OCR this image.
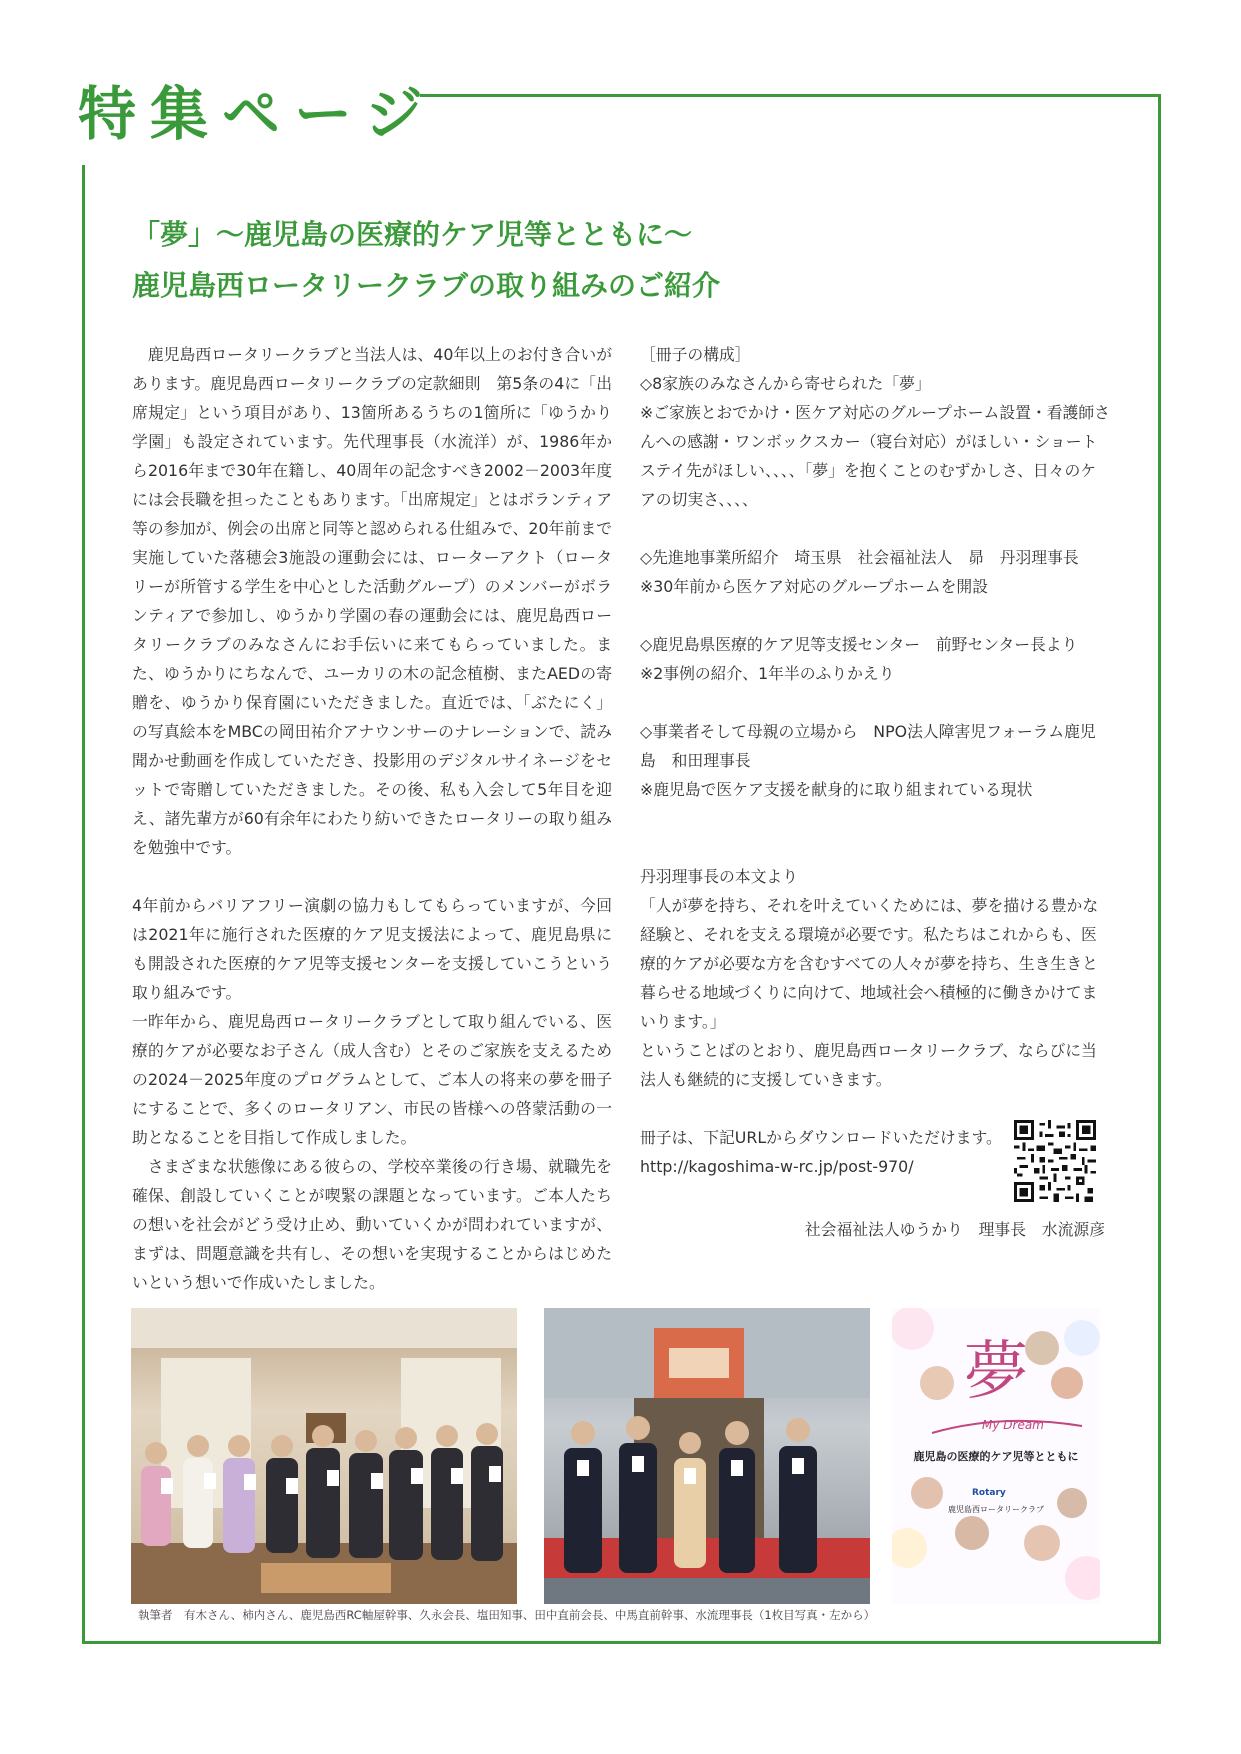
特集ページ
「夢」～鹿児島の医療的ケア児等とともに～
鹿児島西ロータリークラブの取り組みのご紹介

鹿児島西ロータリークラブと当法人は、40年以上のお付き合いがあります。鹿児島西ロータリークラブの定款細則　第5条の4に「出席規定」という項目があり、13箇所あるうちの1箇所に「ゆうかり学園」も設定されています。先代理事長（水流洋）が、1986年から2016年まで30年在籍し、40周年の記念すべき2002－2003年度には会長職を担ったこともあります。「出席規定」とはボランティア等の参加が、例会の出席と同等と認められる仕組みで、20年前まで実施していた落穂会3施設の運動会には、ローターアクト（ロータリーが所管する学生を中心とした活動グループ）のメンバーがボランティアで参加し、ゆうかり学園の春の運動会には、鹿児島西ロータリークラブのみなさんにお手伝いに来てもらっていました。また、ゆうかりにちなんで、ユーカリの木の記念植樹、またAEDの寄贈を、ゆうかり保育園にいただきました。直近では、「ぶたにく」の写真絵本をMBCの岡田祐介アナウンサーのナレーションで、読み聞かせ動画を作成していただき、投影用のデジタルサイネージをセットで寄贈していただきました。その後、私も入会して5年目を迎え、諸先輩方が60有余年にわたり紡いできたロータリーの取り組みを勉強中です。

4年前からバリアフリー演劇の協力もしてもらっていますが、今回は2021年に施行された医療的ケア児支援法によって、鹿児島県にも開設された医療的ケア児等支援センターを支援していこうという取り組みです。

一昨年から、鹿児島西ロータリークラブとして取り組んでいる、医療的ケアが必要なお子さん（成人含む）とそのご家族を支えるための2024－2025年度のプログラムとして、ご本人の将来の夢を冊子にすることで、多くのロータリアン、市民の皆様への啓蒙活動の一助となることを目指して作成しました。

さまざまな状態像にある彼らの、学校卒業後の行き場、就職先を確保、創設していくことが喫緊の課題となっています。ご本人たちの想いを社会がどう受け止め、動いていくかが問われていますが、まずは、問題意識を共有し、その想いを実現することからはじめたいという想いで作成いたしました。

［冊子の構成］

◇8家族のみなさんから寄せられた「夢」

※ご家族とおでかけ・医ケア対応のグループホーム設置・看護師さんへの感謝・ワンボックスカー（寝台対応）がほしい・ショートステイ先がほしい、、、、「夢」を抱くことのむずかしさ、日々のケアの切実さ、、、、

◇先進地事業所紹介　埼玉県　社会福祉法人　昴　丹羽理事長

※30年前から医ケア対応のグループホームを開設

◇鹿児島県医療的ケア児等支援センター　前野センター長より

※2事例の紹介、1年半のふりかえり

◇事業者そして母親の立場から　NPO法人障害児フォーラム鹿児島　和田理事長

※鹿児島で医ケア支援を献身的に取り組まれている現状

丹羽理事長の本文より

「人が夢を持ち、それを叶えていくためには、夢を描ける豊かな経験と、それを支える環境が必要です。私たちはこれからも、医療的ケアが必要な方を含むすべての人々が夢を持ち、生き生きと暮らせる地域づくりに向けて、地域社会へ積極的に働きかけてまいります。」

ということばのとおり、鹿児島西ロータリークラブ、ならびに当法人も継続的に支援していきます。

冊子は、下記URLからダウンロードいただけます。

http://kagoshima-w-rc.jp/post-970/

社会福祉法人ゆうかり　理事長　水流源彦
夢
My Dream
鹿児島の医療的ケア児等とともに
Rotary
鹿児島西ロータリークラブ
執筆者　有木さん、柿内さん、鹿児島西RC軸屋幹事、久永会長、塩田知事、田中直前会長、中馬直前幹事、水流理事長（1枚目写真・左から）
